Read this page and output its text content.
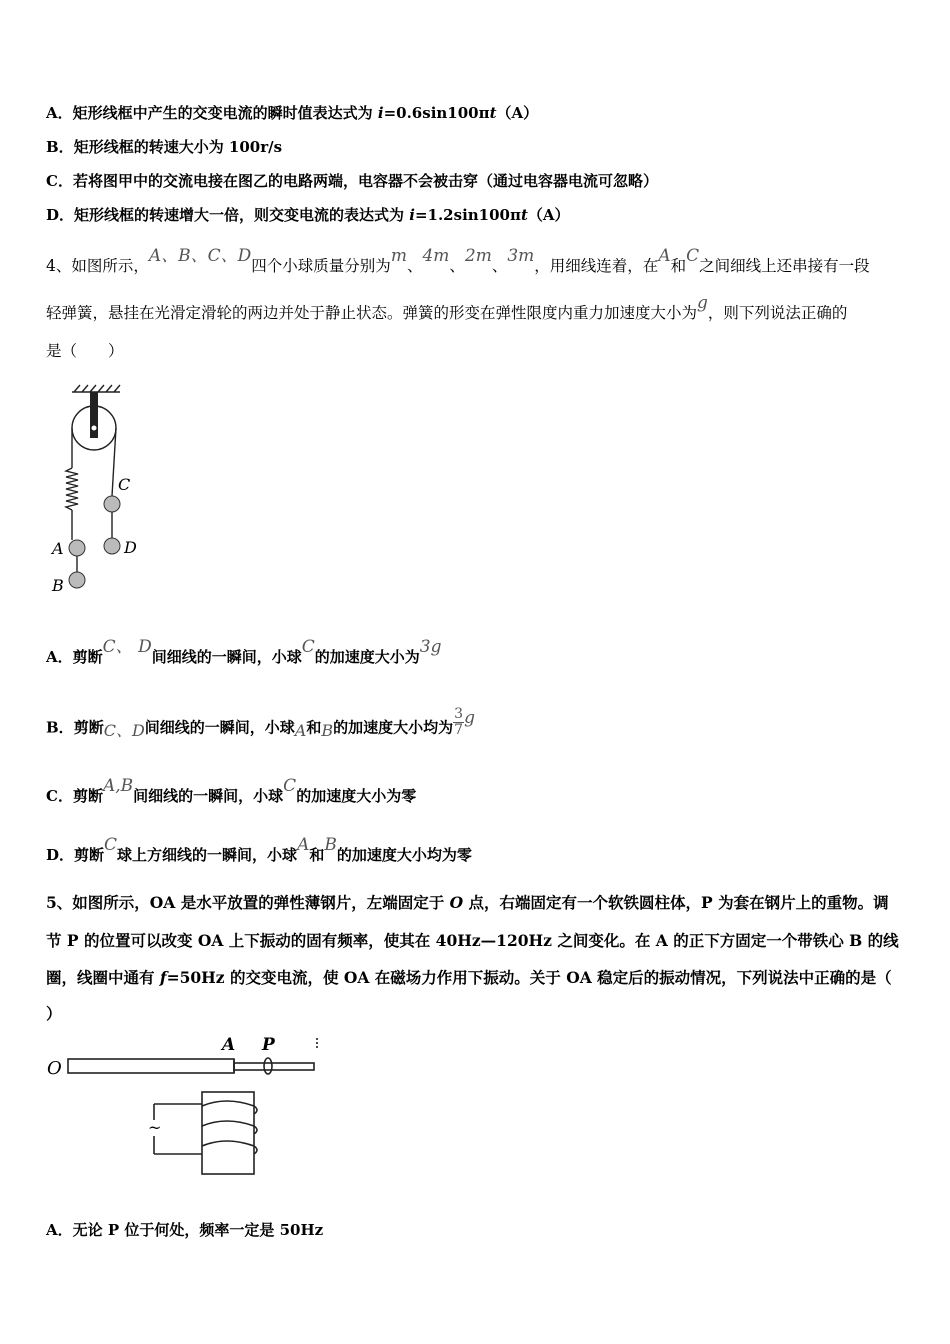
A．矩形线框中产生的交变电流的瞬时值表达式为 i=0.6sin100πt（A）
B．矩形线框的转速大小为 100r/s
C．若将图甲中的交流电接在图乙的电路两端，电容器不会被击穿（通过电容器电流可忽略）
D．矩形线框的转速增大一倍，则交变电流的表达式为 i=1.2sin100πt（A）
4、如图所示，A、B、C、D四个小球质量分别为m、4m、2m、3m，用细线连着，在A和C之间细线上还串接有一段
轻弹簧，悬挂在光滑定滑轮的两边并处于静止状态。弹簧的形变在弹性限度内重力加速度大小为g，则下列说法正确的
是（　　）
C
D
A
B
A．剪断C、 D间细线的一瞬间，小球C的加速度大小为3g
B．剪断C、D间细线的一瞬间，小球A和B的加速度大小均为 $\frac{3}{7}$ g
C．剪断A,B间细线的一瞬间，小球C的加速度大小为零
D．剪断C球上方细线的一瞬间，小球A和B的加速度大小均为零
5、如图所示，OA 是水平放置的弹性薄钢片，左端固定于 O 点，右端固定有一个软铁圆柱体，P 为套在钢片上的重物。调
节 P 的位置可以改变 OA 上下振动的固有频率，使其在 40Hz—120Hz 之间变化。在 A 的正下方固定一个带铁心 B 的线
圈，线圈中通有 f=50Hz 的交变电流，使 OA 在磁场力作用下振动。关于 OA 稳定后的振动情况，下列说法中正确的是（
）
O
A P
~
A．无论 P 位于何处，频率一定是 50Hz
